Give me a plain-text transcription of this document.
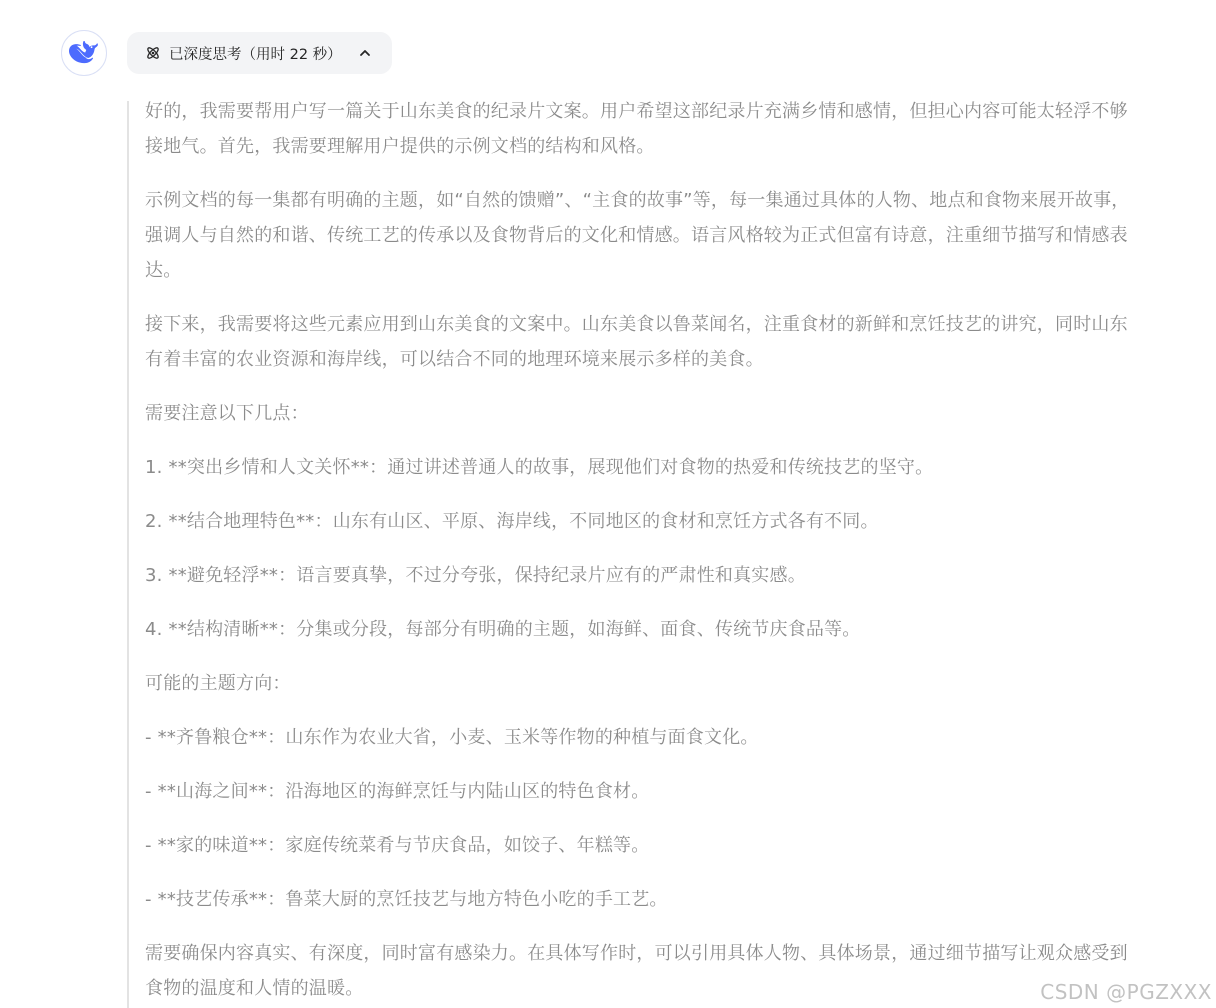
已深度思考（用时 22 秒）

好的，我需要帮用户写一篇关于山东美食的纪录片文案。用户希望这部纪录片充满乡情和感情，但担心内容可能太轻浮不够接地气。首先，我需要理解用户提供的示例文档的结构和风格。

示例文档的每一集都有明确的主题，如“自然的馈赠”、“主食的故事”等，每一集通过具体的人物、地点和食物来展开故事，强调人与自然的和谐、传统工艺的传承以及食物背后的文化和情感。语言风格较为正式但富有诗意，注重细节描写和情感表达。

接下来，我需要将这些元素应用到山东美食的文案中。山东美食以鲁菜闻名，注重食材的新鲜和烹饪技艺的讲究，同时山东有着丰富的农业资源和海岸线，可以结合不同的地理环境来展示多样的美食。

需要注意以下几点：

1. **突出乡情和人文关怀**：通过讲述普通人的故事，展现他们对食物的热爱和传统技艺的坚守。

2. **结合地理特色**：山东有山区、平原、海岸线，不同地区的食材和烹饪方式各有不同。

3. **避免轻浮**：语言要真挚，不过分夸张，保持纪录片应有的严肃性和真实感。

4. **结构清晰**：分集或分段，每部分有明确的主题，如海鲜、面食、传统节庆食品等。

可能的主题方向：

- **齐鲁粮仓**：山东作为农业大省，小麦、玉米等作物的种植与面食文化。

- **山海之间**：沿海地区的海鲜烹饪与内陆山区的特色食材。

- **家的味道**：家庭传统菜肴与节庆食品，如饺子、年糕等。

- **技艺传承**：鲁菜大厨的烹饪技艺与地方特色小吃的手工艺。

需要确保内容真实、有深度，同时富有感染力。在具体写作时，可以引用具体人物、具体场景，通过细节描写让观众感受到食物的温度和人情的温暖。	CSDN @PGZXXX
